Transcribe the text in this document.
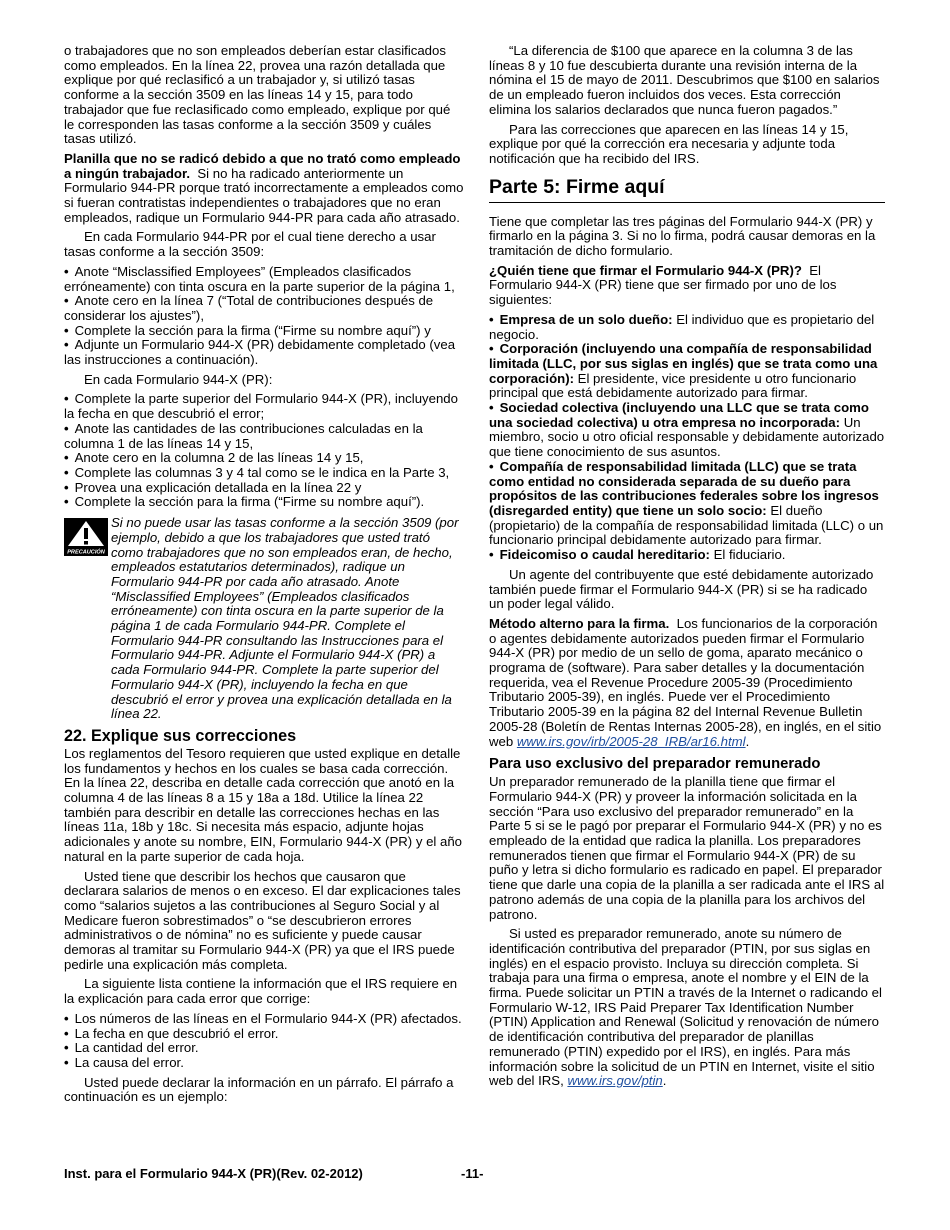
o trabajadores que no son empleados deberían estar clasificados como empleados. En la línea 22, provea una razón detallada que explique por qué reclasificó a un trabajador y, si utilizó tasas conforme a la sección 3509 en las líneas 14 y 15, para todo trabajador que fue reclasificado como empleado, explique por qué le corresponden las tasas conforme a la sección 3509 y cuáles tasas utilizó.

Planilla que no se radicó debido a que no trató como empleado a ningún trabajador. Si no ha radicado anteriormente un Formulario 944-PR porque trató incorrectamente a empleados como si fueran contratistas independientes o trabajadores que no eran empleados, radique un Formulario 944-PR para cada año atrasado.

En cada Formulario 944-PR por el cual tiene derecho a usar tasas conforme a la sección 3509:

• Anote “Misclassified Employees” (Empleados clasificados erróneamente) con tinta oscura en la parte superior de la página 1,
• Anote cero en la línea 7 (“Total de contribuciones después de considerar los ajustes”),
• Complete la sección para la firma (“Firme su nombre aquí”) y
• Adjunte un Formulario 944-X (PR) debidamente completado (vea las instrucciones a continuación).

En cada Formulario 944-X (PR):

• Complete la parte superior del Formulario 944-X (PR), incluyendo la fecha en que descubrió el error;
• Anote las cantidades de las contribuciones calculadas en la columna 1 de las líneas 14 y 15,
• Anote cero en la columna 2 de las líneas 14 y 15,
• Complete las columnas 3 y 4 tal como se le indica en la Parte 3,
• Provea una explicación detallada en la línea 22 y
• Complete la sección para la firma (“Firme su nombre aquí”).
PRECAUCIÓN
Si no puede usar las tasas conforme a la sección 3509 (por ejemplo, debido a que los trabajadores que usted trató como trabajadores que no son empleados eran, de hecho, empleados estatutarios determinados), radique un Formulario 944-PR por cada año atrasado. Anote “Misclassified Employees” (Empleados clasificados erróneamente) con tinta oscura en la parte superior de la página 1 de cada Formulario 944-PR. Complete el Formulario 944-PR consultando las Instrucciones para el Formulario 944-PR. Adjunte el Formulario 944-X (PR) a cada Formulario 944-PR. Complete la parte superior del Formulario 944-X (PR), incluyendo la fecha en que descubrió el error y provea una explicación detallada en la línea 22.
22. Explique sus correcciones

Los reglamentos del Tesoro requieren que usted explique en detalle los fundamentos y hechos en los cuales se basa cada corrección. En la línea 22, describa en detalle cada corrección que anotó en la columna 4 de las líneas 8 a 15 y 18a a 18d. Utilice la línea 22 también para describir en detalle las correcciones hechas en las líneas 11a, 18b y 18c. Si necesita más espacio, adjunte hojas adicionales y anote su nombre, EIN, Formulario 944-X (PR) y el año natural en la parte superior de cada hoja.

Usted tiene que describir los hechos que causaron que declarara salarios de menos o en exceso. El dar explicaciones tales como “salarios sujetos a las contribuciones al Seguro Social y al Medicare fueron sobrestimados” o “se descubrieron errores administrativos o de nómina” no es suficiente y puede causar demoras al tramitar su Formulario 944-X (PR) ya que el IRS puede pedirle una explicación más completa.

La siguiente lista contiene la información que el IRS requiere en la explicación para cada error que corrige:

• Los números de las líneas en el Formulario 944-X (PR) afectados.
• La fecha en que descubrió el error.
• La cantidad del error.
• La causa del error.

Usted puede declarar la información en un párrafo. El párrafo a continuación es un ejemplo:

“La diferencia de $100 que aparece en la columna 3 de las líneas 8 y 10 fue descubierta durante una revisión interna de la nómina el 15 de mayo de 2011. Descubrimos que $100 en salarios de un empleado fueron incluidos dos veces. Esta corrección elimina los salarios declarados que nunca fueron pagados.”

Para las correcciones que aparecen en las líneas 14 y 15, explique por qué la corrección era necesaria y adjunte toda notificación que ha recibido del IRS.

Parte 5: Firme aquí

Tiene que completar las tres páginas del Formulario 944-X (PR) y firmarlo en la página 3. Si no lo firma, podrá causar demoras en la tramitación de dicho formulario.

¿Quién tiene que firmar el Formulario 944-X (PR)? El Formulario 944-X (PR) tiene que ser firmado por uno de los siguientes:

• Empresa de un solo dueño: El individuo que es propietario del negocio.
• Corporación (incluyendo una compañía de responsabilidad limitada (LLC, por sus siglas en inglés) que se trata como una corporación): El presidente, vice presidente u otro funcionario principal que está debidamente autorizado para firmar.
• Sociedad colectiva (incluyendo una LLC que se trata como una sociedad colectiva) u otra empresa no incorporada: Un miembro, socio u otro oficial responsable y debidamente autorizado que tiene conocimiento de sus asuntos.
• Compañía de responsabilidad limitada (LLC) que se trata como entidad no considerada separada de su dueño para propósitos de las contribuciones federales sobre los ingresos (disregarded entity) que tiene un solo socio: El dueño (propietario) de la compañía de responsabilidad limitada (LLC) o un funcionario principal debidamente autorizado para firmar.
• Fideicomiso o caudal hereditario: El fiduciario.

Un agente del contribuyente que esté debidamente autorizado también puede firmar el Formulario 944-X (PR) si se ha radicado un poder legal válido.

Método alterno para la firma. Los funcionarios de la corporación o agentes debidamente autorizados pueden firmar el Formulario 944-X (PR) por medio de un sello de goma, aparato mecánico o programa de (software). Para saber detalles y la documentación requerida, vea el Revenue Procedure 2005-39 (Procedimiento Tributario 2005-39), en inglés. Puede ver el Procedimiento Tributario 2005-39 en la página 82 del Internal Revenue Bulletin 2005-28 (Boletín de Rentas Internas 2005-28), en inglés, en el sitio web www.irs.gov/irb/2005-28_IRB/ar16.html.

Para uso exclusivo del preparador remunerado

Un preparador remunerado de la planilla tiene que firmar el Formulario 944-X (PR) y proveer la información solicitada en la sección “Para uso exclusivo del preparador remunerado” en la Parte 5 si se le pagó por preparar el Formulario 944-X (PR) y no es empleado de la entidad que radica la planilla. Los preparadores remunerados tienen que firmar el Formulario 944-X (PR) de su puño y letra si dicho formulario es radicado en papel. El preparador tiene que darle una copia de la planilla a ser radicada ante el IRS al patrono además de una copia de la planilla para los archivos del patrono.

Si usted es preparador remunerado, anote su número de identificación contributiva del preparador (PTIN, por sus siglas en inglés) en el espacio provisto. Incluya su dirección completa. Si trabaja para una firma o empresa, anote el nombre y el EIN de la firma. Puede solicitar un PTIN a través de la Internet o radicando el Formulario W-12, IRS Paid Preparer Tax Identification Number (PTIN) Application and Renewal (Solicitud y renovación de número de identificación contributiva del preparador de planillas remunerado (PTIN) expedido por el IRS), en inglés. Para más información sobre la solicitud de un PTIN en Internet, visite el sitio web del IRS, www.irs.gov/ptin.

Inst. para el Formulario 944-X (PR)(Rev. 02-2012)	-11-
